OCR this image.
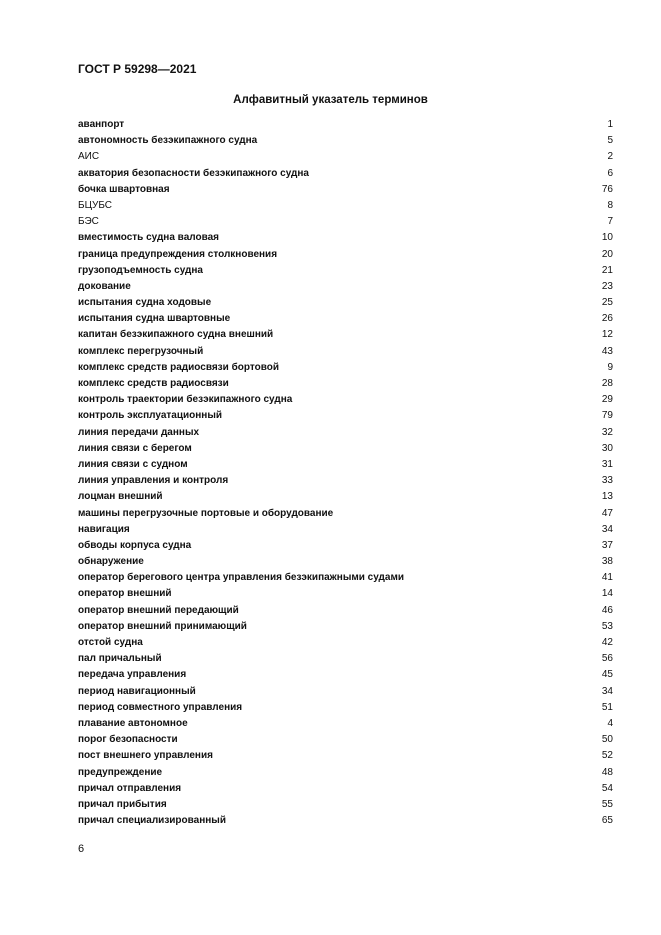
ГОСТ Р 59298—2021
Алфавитный указатель терминов
аванпорт	1
автономность безэкипажного судна	5
АИС	2
акватория безопасности безэкипажного судна	6
бочка швартовная	76
БЦУБС	8
БЭС	7
вместимость судна валовая	10
граница предупреждения столкновения	20
грузоподъемность судна	21
докование	23
испытания судна ходовые	25
испытания судна швартовные	26
капитан безэкипажного судна внешний	12
комплекс перегрузочный	43
комплекс средств радиосвязи бортовой	9
комплекс средств радиосвязи	28
контроль траектории безэкипажного судна	29
контроль эксплуатационный	79
линия передачи данных	32
линия связи с берегом	30
линия связи с судном	31
линия управления и контроля	33
лоцман внешний	13
машины перегрузочные портовые и оборудование	47
навигация	34
обводы корпуса судна	37
обнаружение	38
оператор берегового центра управления безэкипажными судами	41
оператор внешний	14
оператор внешний передающий	46
оператор внешний принимающий	53
отстой судна	42
пал причальный	56
передача управления	45
период навигационный	34
период совместного управления	51
плавание автономное	4
порог безопасности	50
пост внешнего управления	52
предупреждение	48
причал отправления	54
причал прибытия	55
причал специализированный	65
6
